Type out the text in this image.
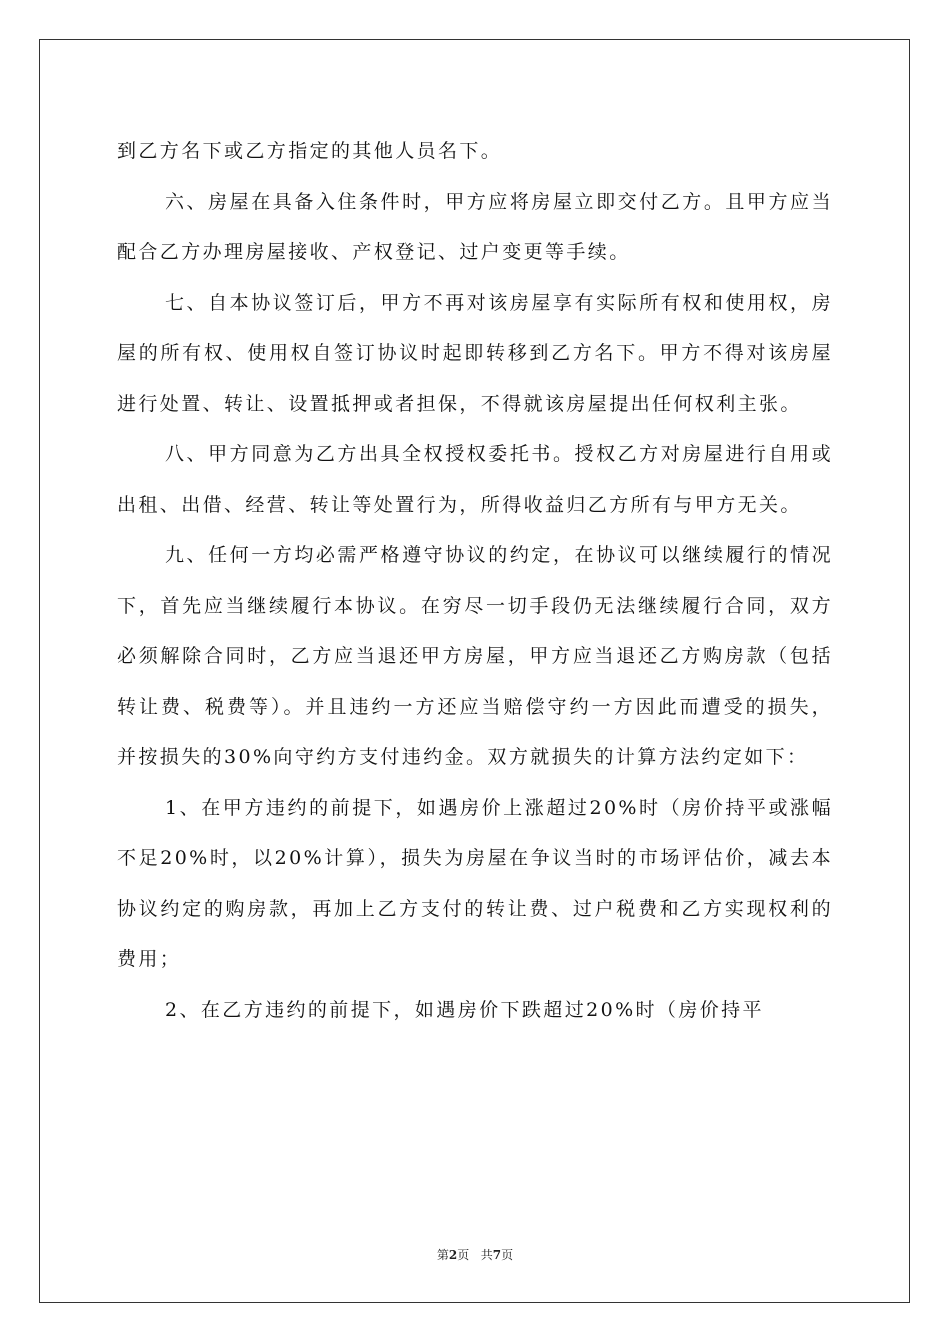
到乙方名下或乙方指定的其他人员名下。

六、房屋在具备入住条件时，甲方应将房屋立即交付乙方。且甲方应当配合乙方办理房屋接收、产权登记、过户变更等手续。

七、自本协议签订后，甲方不再对该房屋享有实际所有权和使用权，房屋的所有权、使用权自签订协议时起即转移到乙方名下。甲方不得对该房屋进行处置、转让、设置抵押或者担保，不得就该房屋提出任何权利主张。

八、甲方同意为乙方出具全权授权委托书。授权乙方对房屋进行自用或出租、出借、经营、转让等处置行为，所得收益归乙方所有与甲方无关。

九、任何一方均必需严格遵守协议的约定，在协议可以继续履行的情况下，首先应当继续履行本协议。在穷尽一切手段仍无法继续履行合同，双方必须解除合同时，乙方应当退还甲方房屋，甲方应当退还乙方购房款（包括转让费、税费等）。并且违约一方还应当赔偿守约一方因此而遭受的损失，并按损失的30%向守约方支付违约金。双方就损失的计算方法约定如下：

1、在甲方违约的前提下，如遇房价上涨超过20%时（房价持平或涨幅不足20%时，以20%计算），损失为房屋在争议当时的市场评估价，减去本协议约定的购房款，再加上乙方支付的转让费、过户税费和乙方实现权利的费用；

2、在乙方违约的前提下，如遇房价下跌超过20%时（房价持平

第2页 共7页
